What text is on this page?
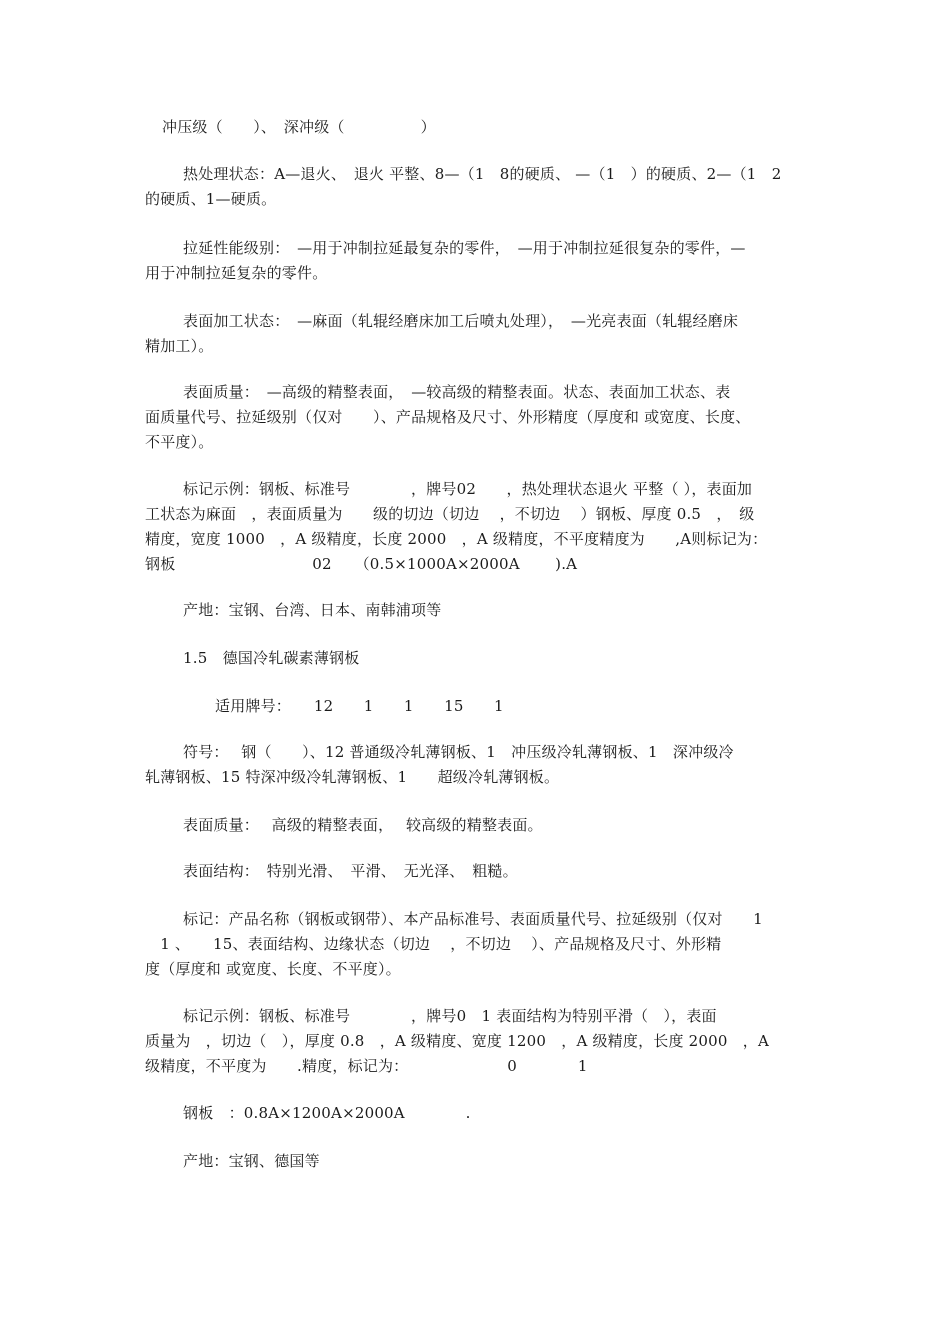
冲压级（　　）、　深冲级（　　　　　）
热处理状态：A—退火、　退火 平整、8—（1　8的硬质、 —（1　）的硬质、2—（1　2
的硬质、1—硬质。
拉延性能级别：　—用于冲制拉延最复杂的零件，　—用于冲制拉延很复杂的零件，—
用于冲制拉延复杂的零件。
表面加工状态：　—麻面（轧辊经磨床加工后喷丸处理），　—光亮表面（轧辊经磨床
精加工）。
表面质量：　—高级的精整表面，　—较高级的精整表面。状态、表面加工状态、表
面质量代号、拉延级别（仅对　　）、产品规格及尺寸、外形精度（厚度和 或宽度、长度、
不平度）。
标记示例：钢板、标准号　　　　，牌号02　　，热处理状态退火 平整（ ），表面加
工状态为麻面　，表面质量为　　级的切边（切边　 ，不切边　 ）钢板、厚度 0.5　，　级
精度，宽度 1000　，A 级精度，长度 2000　，A 级精度，不平度精度为　　,A则标记为：
钢板　　　　　　　　　02　　（0.5×1000A×2000A　　 ).A
产地：宝钢、台湾、日本、南韩浦项等
1.5　德国冷轧碳素薄钢板
适用牌号：　　12　　1　　1　　15　　1
符号：　 钢（　　）、12 普通级冷轧薄钢板、1　冲压级冷轧薄钢板、1　深冲级冷
轧薄钢板、15 特深冲级冷轧薄钢板、1　　超级冷轧薄钢板。
表面质量：　 高级的精整表面，　 较高级的精整表面。
表面结构：　特别光滑、　平滑、　无光泽、　粗糙。
标记：产品名称（钢板或钢带）、本产品标准号、表面质量代号、拉延级别（仅对　　1
　1 、　　15、表面结构、边缘状态（切边　 ，不切边　 ）、产品规格及尺寸、外形精
度（厚度和 或宽度、长度、不平度）。
标记示例：钢板、标准号　　　　，牌号0　1 表面结构为特别平滑（　），表面
质量为　，切边（　），厚度 0.8　，A 级精度、宽度 1200　，A 级精度，长度 2000　，A
级精度，不平度为　　.精度，标记为：　　　　　　　0　　　　1
钢板　：0.8A×1200A×2000A　　　　.
产地：宝钢、德国等
